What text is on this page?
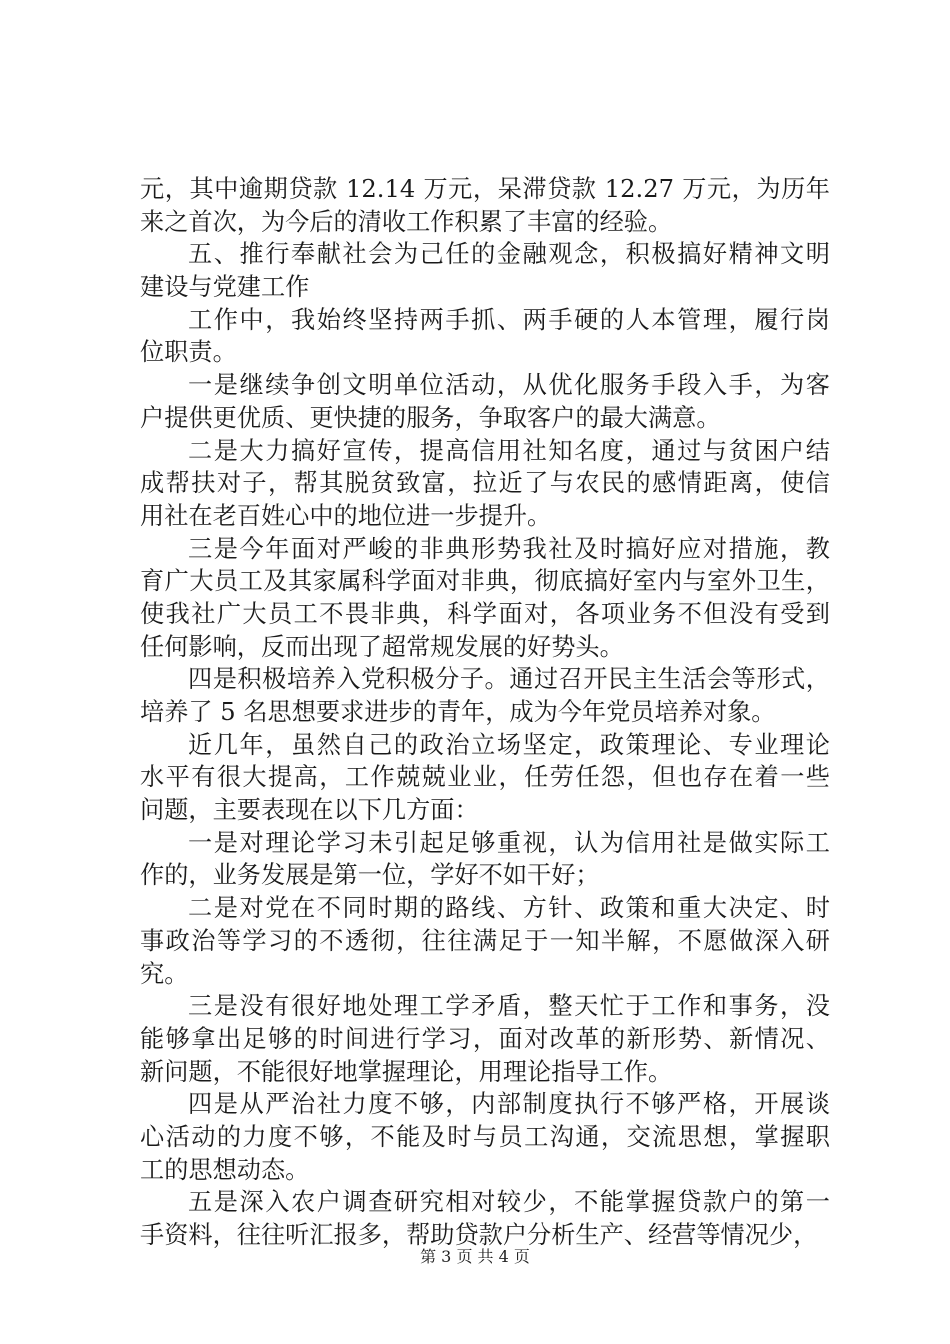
元，其中逾期贷款 12.14 万元，呆滞贷款 12.27 万元，为历年
来之首次，为今后的清收工作积累了丰富的经验。
五、推行奉献社会为己任的金融观念，积极搞好精神文明
建设与党建工作
工作中，我始终坚持两手抓、两手硬的人本管理，履行岗
位职责。
一是继续争创文明单位活动，从优化服务手段入手，为客
户提供更优质、更快捷的服务，争取客户的最大满意。
二是大力搞好宣传，提高信用社知名度，通过与贫困户结
成帮扶对子，帮其脱贫致富，拉近了与农民的感情距离，使信
用社在老百姓心中的地位进一步提升。
三是今年面对严峻的非典形势我社及时搞好应对措施，教
育广大员工及其家属科学面对非典，彻底搞好室内与室外卫生，
使我社广大员工不畏非典，科学面对，各项业务不但没有受到
任何影响，反而出现了超常规发展的好势头。
四是积极培养入党积极分子。通过召开民主生活会等形式，
培养了 5 名思想要求进步的青年，成为今年党员培养对象。
近几年，虽然自己的政治立场坚定，政策理论、专业理论
水平有很大提高，工作兢兢业业，任劳任怨，但也存在着一些
问题，主要表现在以下几方面：
一是对理论学习未引起足够重视，认为信用社是做实际工
作的，业务发展是第一位，学好不如干好；
二是对党在不同时期的路线、方针、政策和重大决定、时
事政治等学习的不透彻，往往满足于一知半解，不愿做深入研
究。
三是没有很好地处理工学矛盾，整天忙于工作和事务，没
能够拿出足够的时间进行学习，面对改革的新形势、新情况、
新问题，不能很好地掌握理论，用理论指导工作。
四是从严治社力度不够，内部制度执行不够严格，开展谈
心活动的力度不够，不能及时与员工沟通，交流思想，掌握职
工的思想动态。
五是深入农户调查研究相对较少，不能掌握贷款户的第一
手资料，往往听汇报多，帮助贷款户分析生产、经营等情况少，
第 3 页 共 4 页
